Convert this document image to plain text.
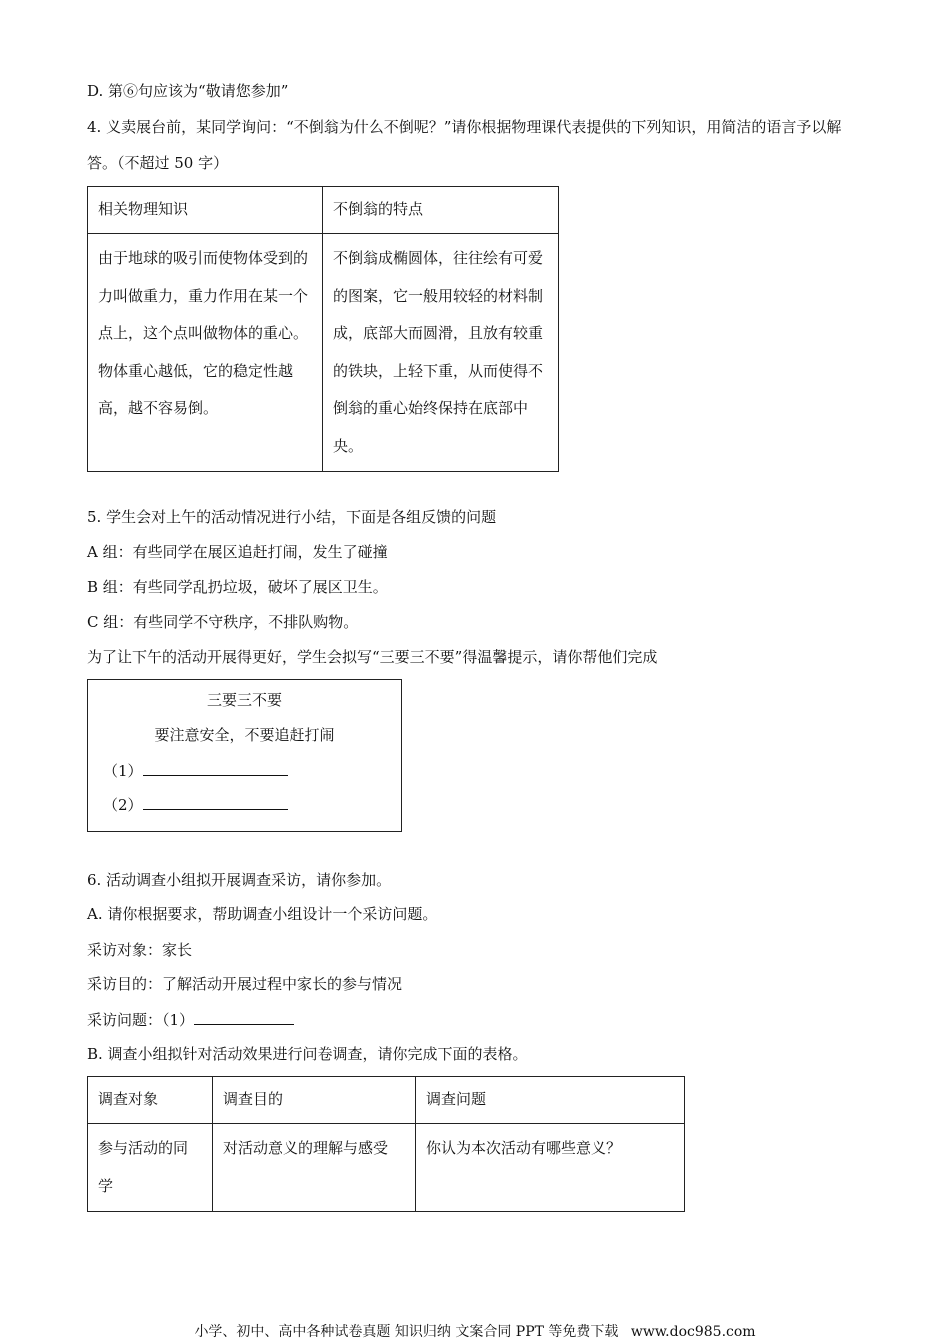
D. 第⑥句应该为“敬请您参加”
4. 义卖展台前，某同学询问：“不倒翁为什么不倒呢？”请你根据物理课代表提供的下列知识，用简洁的语言予以解答。（不超过 50 字）
相关物理知识	不倒翁的特点

由于地球的吸引而使物体受到的力叫做重力，重力作用在某一个点上，这个点叫做物体的重心。物体重心越低，它的稳定性越高，越不容易倒。	不倒翁成椭圆体，往往绘有可爱的图案，它一般用较轻的材料制成，底部大而圆滑，且放有较重的铁块，上轻下重，从而使得不倒翁的重心始终保持在底部中央。
5. 学生会对上午的活动情况进行小结，下面是各组反馈的问题
A 组：有些同学在展区追赶打闹，发生了碰撞
B 组：有些同学乱扔垃圾，破坏了展区卫生。
C 组：有些同学不守秩序，不排队购物。
为了让下午的活动开展得更好，学生会拟写“三要三不要”得温馨提示，请你帮他们完成
三要三不要
要注意安全，不要追赶打闹
（1）
（2）
6. 活动调查小组拟开展调查采访，请你参加。
A. 请你根据要求，帮助调查小组设计一个采访问题。
采访对象：家长
采访目的：了解活动开展过程中家长的参与情况
采访问题：（1）
B. 调查小组拟针对活动效果进行问卷调查，请你完成下面的表格。
调查对象	调查目的	调查问题

参与活动的同学	对活动意义的理解与感受	你认为本次活动有哪些意义？
小学、初中、高中各种试卷真题 知识归纳 文案合同 PPT 等免费下载 www.doc985.com
